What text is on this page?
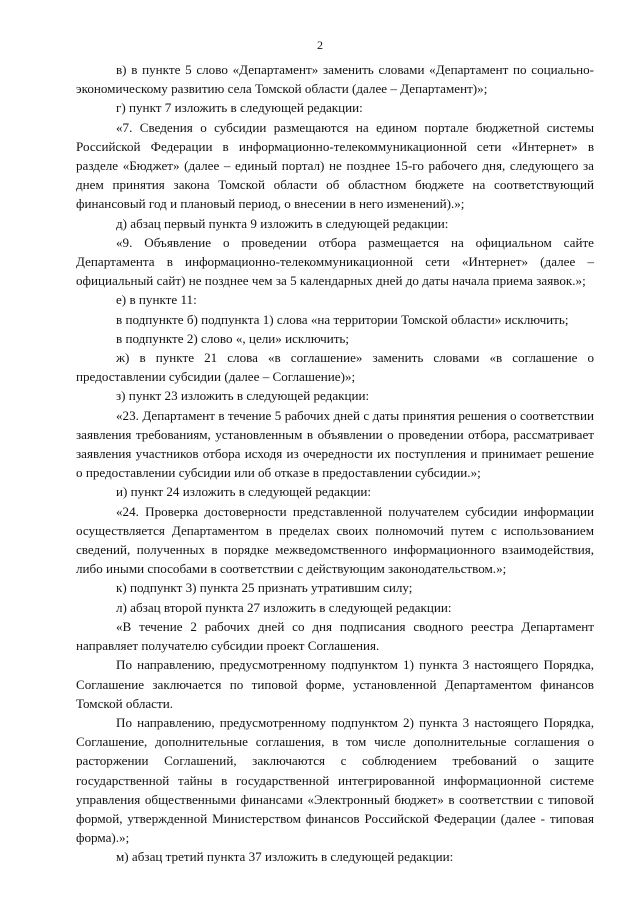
2

в) в пункте 5 слово «Департамент» заменить словами «Департамент по социально-экономическому развитию села Томской области (далее – Департамент)»;

г) пункт 7 изложить в следующей редакции:

«7. Сведения о субсидии размещаются на едином портале бюджетной системы Российской Федерации в информационно-телекоммуникационной сети «Интернет» в разделе «Бюджет» (далее – единый портал) не позднее 15-го рабочего дня, следующего за днем принятия закона Томской области об областном бюджете на соответствующий финансовый год и плановый период, о внесении в него изменений).»;

д) абзац первый пункта 9 изложить в следующей редакции:

«9. Объявление о проведении отбора размещается на официальном сайте Департамента в информационно-телекоммуникационной сети «Интернет» (далее – официальный сайт) не позднее чем за 5 календарных дней до даты начала приема заявок.»;

е) в пункте 11:

в подпункте б) подпункта 1) слова «на территории Томской области» исключить;

в подпункте 2) слово «, цели» исключить;

ж) в пункте 21 слова «в соглашение» заменить словами «в соглашение о предоставлении субсидии (далее – Соглашение)»;

з) пункт 23 изложить в следующей редакции:

«23. Департамент в течение 5 рабочих дней с даты принятия решения о соответствии заявления требованиям, установленным в объявлении о проведении отбора, рассматривает заявления участников отбора исходя из очередности их поступления и принимает решение о предоставлении субсидии или об отказе в предоставлении субсидии.»;

и) пункт 24 изложить в следующей редакции:

«24. Проверка достоверности представленной получателем субсидии информации осуществляется Департаментом в пределах своих полномочий путем с использованием сведений, полученных в порядке межведомственного информационного взаимодействия, либо иными способами в соответствии с действующим законодательством.»;

к) подпункт 3) пункта 25 признать утратившим силу;

л) абзац второй пункта 27 изложить в следующей редакции:

«В течение 2 рабочих дней со дня подписания сводного реестра Департамент направляет получателю субсидии проект Соглашения.

По направлению, предусмотренному подпунктом 1) пункта 3 настоящего Порядка, Соглашение заключается по типовой форме, установленной Департаментом финансов Томской области.

По направлению, предусмотренному подпунктом 2) пункта 3 настоящего Порядка, Соглашение, дополнительные соглашения, в том числе дополнительные соглашения о расторжении Соглашений, заключаются с соблюдением требований о защите государственной тайны в государственной интегрированной информационной системе управления общественными финансами «Электронный бюджет» в соответствии с типовой формой, утвержденной Министерством финансов Российской Федерации (далее - типовая форма).»;

м) абзац третий пункта 37 изложить в следующей редакции:
